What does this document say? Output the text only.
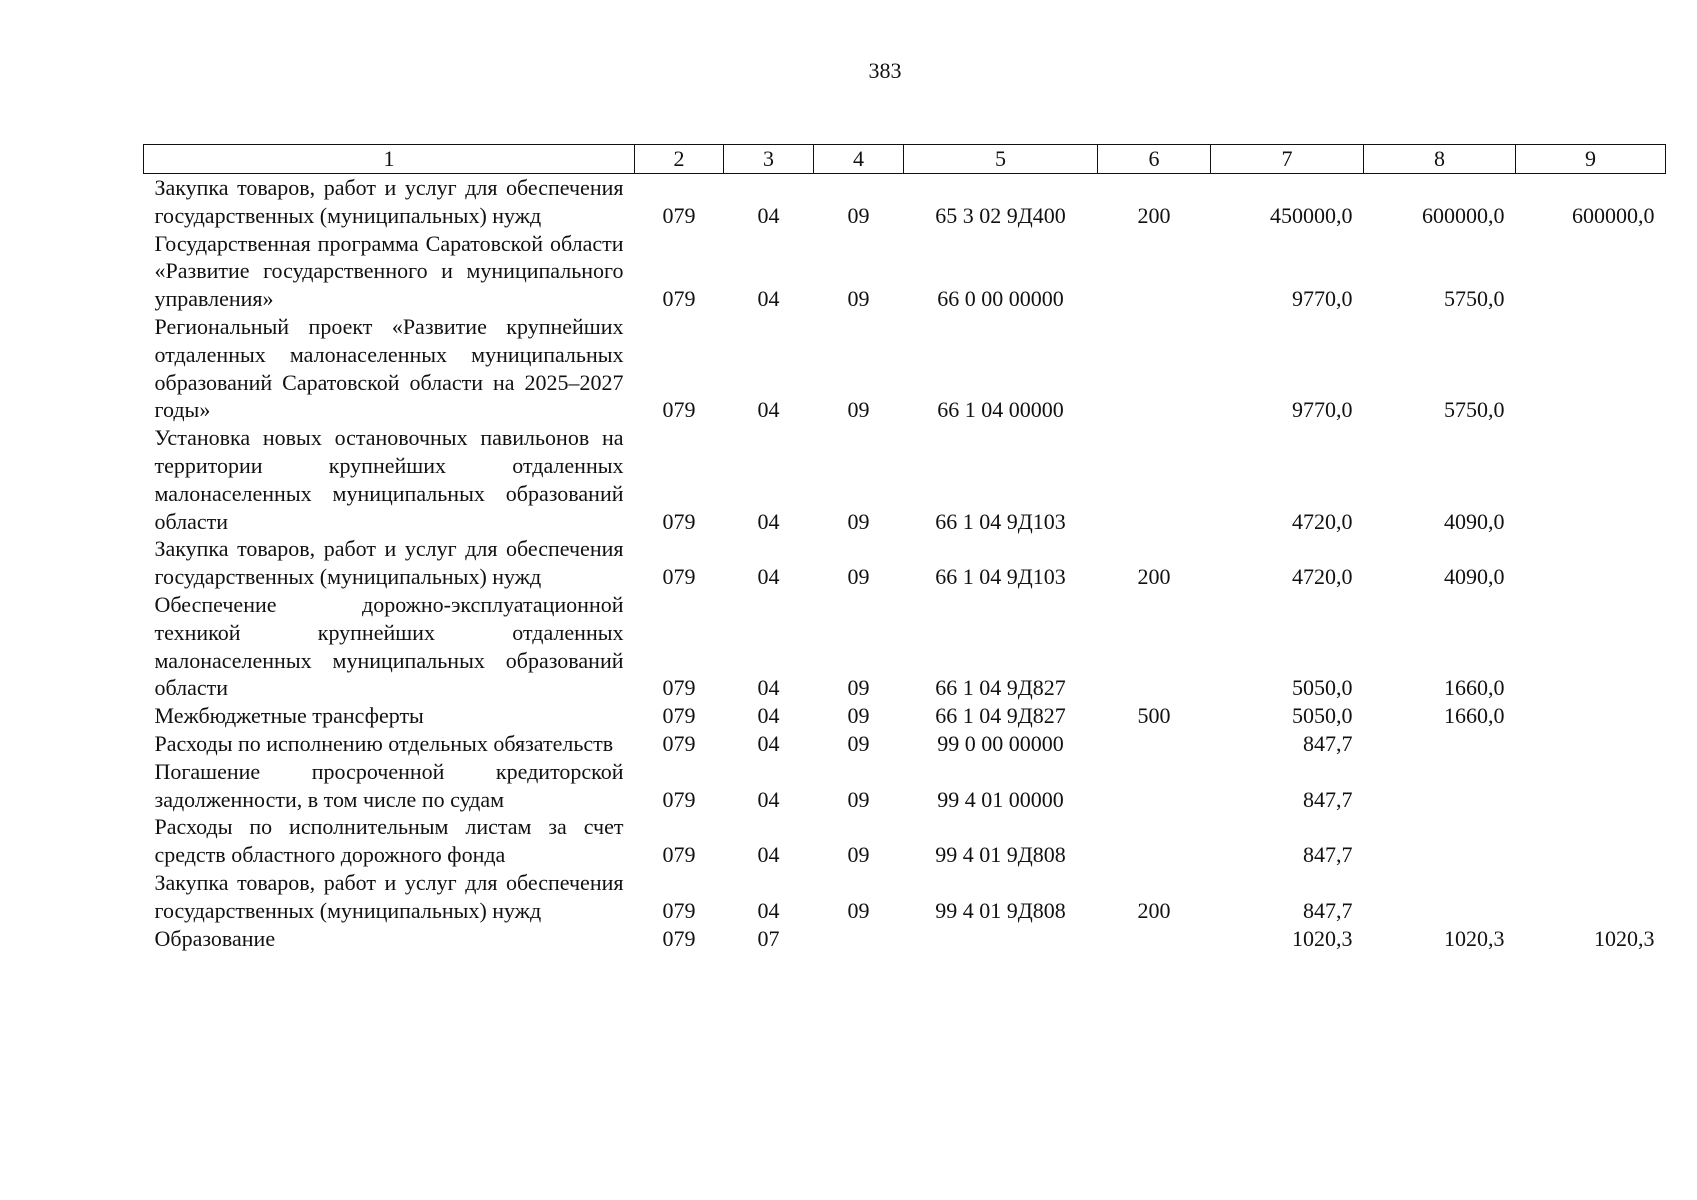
383
1	2	3	4	5	6	7	8	9
Закупка товаров, работ и услуг для обеспечения государственных (муниципальных) нужд	079	04	09	65 3 02 9Д400	200	450000,0	600000,0	600000,0
Государственная программа Саратовской области «Развитие государственного и муниципального управления»	079	04	09	66 0 00 00000		9770,0	5750,0	
Региональный проект «Развитие крупнейших отдаленных малонаселенных муниципальных образований Саратовской области на 2025–2027 годы»	079	04	09	66 1 04 00000		9770,0	5750,0	
Установка новых остановочных павильонов на территории крупнейших отдаленных малонаселенных муниципальных образований области	079	04	09	66 1 04 9Д103		4720,0	4090,0	
Закупка товаров, работ и услуг для обеспечения государственных (муниципальных) нужд	079	04	09	66 1 04 9Д103	200	4720,0	4090,0	
Обеспечение дорожно-эксплуатационной техникой крупнейших отдаленных малонаселенных муниципальных образований области	079	04	09	66 1 04 9Д827		5050,0	1660,0	
Межбюджетные трансферты	079	04	09	66 1 04 9Д827	500	5050,0	1660,0	
Расходы по исполнению отдельных обязательств	079	04	09	99 0 00 00000		847,7		
Погашение просроченной кредиторской задолженности, в том числе по судам	079	04	09	99 4 01 00000		847,7		
Расходы по исполнительным листам за счет средств областного дорожного фонда	079	04	09	99 4 01 9Д808		847,7		
Закупка товаров, работ и услуг для обеспечения государственных (муниципальных) нужд	079	04	09	99 4 01 9Д808	200	847,7		
Образование	079	07				1020,3	1020,3	1020,3
